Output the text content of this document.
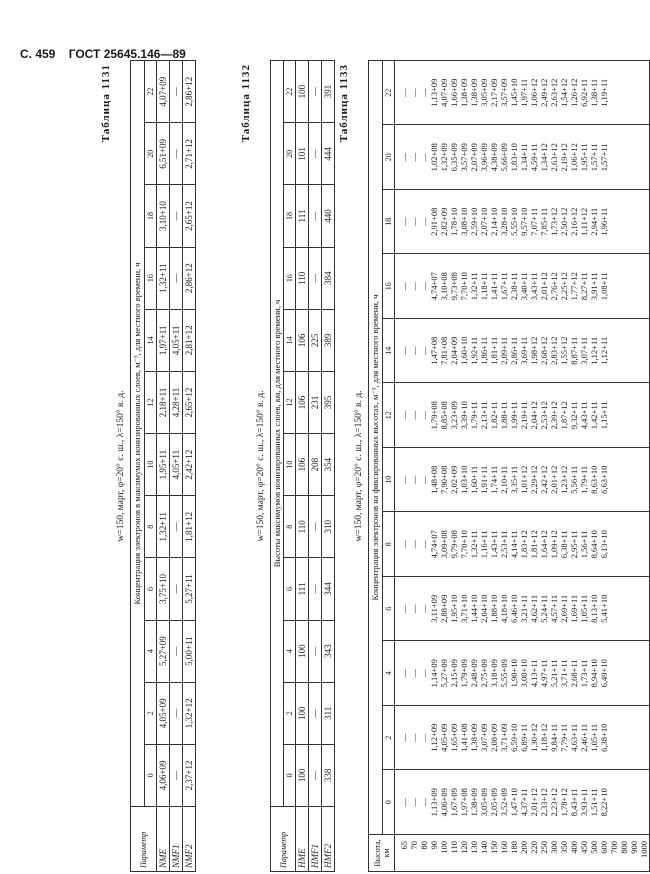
С. 459 ГОСТ 25645.146—89
Таблица 1131
w=150, март, φ=20° с. ш., λ=150° в. д.
Параметр	Концентрация электронов в максимумах ионизированных слоев, м⁻³, для местного времени, ч											
	0	2	4	6	8	10	12	14	16	18	20	22
NME	4,06+09	4,05+09	5,27+09	3,75+10	1,32+11	1,95+11	2,18+11	1,97+11	1,32+11	3,10+10	6,51+09	4,07+09
NMF1	—	—	—	—	—	4,05+11	4,28+11	4,05+11	—	—	—	—
NMF2	2,37+12	1,32+12	5,00+11	5,27+11	1,81+12	2,42+12	2,65+12	2,81+12	2,86+12	2,65+12	2,71+12	2,86+12	Таблица 1132
w=150, март, φ=20° с. ш., λ=150° в. д.
Параметр	Высоты максимумов ионизированных слоев, км, для местного времени, ч											
	0	2	4	6	8	10	12	14	16	18	20	22
HME	100	100	100	111	110	106	106	106	110	111	101	100
HMF1	—	—	—	—	—	208	231	225	—	—	—	—
HMF2	338	311	343	344	310	354	395	389	384	440	444	391 Таблица 1133
w=150, март, φ=20° с. ш., λ=150° в. д.
Высота, км	Концентрация электронов на фиксированных высотах, м⁻³, для местного времени, ч											
	0	2	4	6	8	10	12	14	16	18	20	22
65	—	—	—	—	—	—	—	—	—	—	—	—
70	—	—	—	—	—	—	—	—	—	—	—	—
80	—	—	—	—	—	—	—	—	—	—	—	—
90	1,13+09	1,12+09	1,14+09	3,11+09	4,74+07	1,48+08	1,79+08	1,47+08	4,74+07	2,91+08	1,02+08	1,13+09
100	4,06+09	4,05+09	5,27+09	2,88+09	3,09+08	7,90+08	8,85+08	7,81+08	3,10+08	2,82+09	1,32+09	4,07+09
110	1,67+09	1,65+09	2,15+09	1,95+10	9,79+08	2,02+09	3,23+09	2,04+09	9,73+08	1,78+10	6,35+09	1,66+09
120	1,97+08	1,41+08	1,79+09	3,71+10	7,70+10	1,03+10	3,39+10	1,60+10	7,70+10	3,08+10	3,57+09	1,38+09
130	1,38+09	1,38+09	2,48+09	1,44+10	1,32+11	1,60+11	1,79+11	1,92+11	1,32+11	2,59+10	2,07+09	1,38+09
140	3,05+09	3,07+09	2,75+09	2,04+10	1,16+11	1,91+11	2,13+11	1,86+11	1,18+11	2,07+10	3,96+09	3,05+09
150	2,05+09	2,08+09	3,18+09	1,88+10	1,43+11	1,74+11	1,82+11	1,81+11	1,41+11	2,14+10	4,38+09	2,17+09
160	3,52+09	3,71+09	5,55+09	4,18+10	2,53+11	2,10+11	1,88+11	2,09+11	1,67+11	3,28+10	5,66+09	3,57+09
180	1,47+10	6,59+10	1,90+10	6,46+10	4,14+11	3,35+11	1,99+11	2,86+11	2,38+11	5,55+10	1,83+10	1,45+10
200	4,37+11	6,89+11	3,00+10	3,21+11	1,83+12	1,01+12	2,19+11	3,69+11	3,40+11	9,57+10	1,34+11	1,97+11
220	2,01+12	1,30+12	4,13+11	4,62+11	1,81+12	2,29+12	2,04+12	1,98+12	3,43+11	7,07+11	4,59+11	1,06+12
250	2,33+12	1,18+12	4,97+11	5,24+11	1,64+12	2,42+12	2,53+12	2,68+12	2,01+12	7,85+11	1,34+12	2,49+12
300	2,23+12	9,84+11	5,21+11	4,57+11	1,09+12	2,01+12	2,39+12	2,83+12	2,76+12	1,73+12	2,63+12	2,63+12
350	1,78+12	7,79+11	3,71+11	2,69+11	6,38+11	1,23+12	1,87+12	1,55+12	2,25+12	2,50+12	2,19+12	1,54+12
400	8,43+11	4,63+11	2,68+11	1,69+11	2,95+11	5,56+11	9,32+11	8,87+11	1,77+12	2,16+12	1,06+12	1,26+12
450	3,93+11	2,46+11	1,73+11	1,05+11	1,56+11	1,79+11	4,43+11	3,07+11	8,27+11	1,11+12	1,95+11	6,92+11
500	1,51+11	1,05+11	8,94+10	8,13+10	8,64+10	8,63+10	1,42+11	1,12+11	3,91+11	2,94+11	1,57+11	1,38+11
600	8,22+10	6,38+10	6,49+10	5,41+10	6,13+10	6,63+10	1,15+11	1,12+11	1,08+11	1,96+11	1,57+11	1,19+11
700												
800												
900												
1000												
